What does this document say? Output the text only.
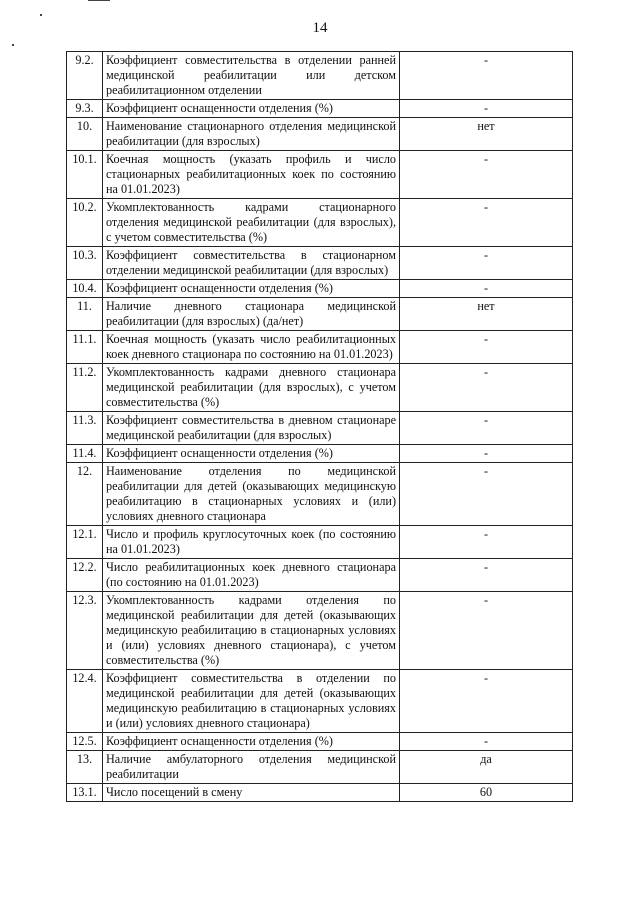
14
9.2.	Коэффициент совместительства в отделении ранней медицинской реабилитации или детском реабилитационном отделении	-
9.3.	Коэффициент оснащенности отделения (%)	-
10.	Наименование стационарного отделения медицинской реабилитации (для взрослых)	нет
10.1.	Коечная мощность (указать профиль и число стационарных реабилитационных коек по состоянию на 01.01.2023)	-
10.2.	Укомплектованность кадрами стационарного отделения медицинской реабилитации (для взрослых), с учетом совместительства (%)	-
10.3.	Коэффициент совместительства в стационарном отделении медицинской реабилитации (для взрослых)	-
10.4.	Коэффициент оснащенности отделения (%)	-
11.	Наличие дневного стационара медицинской реабилитации (для взрослых) (да/нет)	нет
11.1.	Коечная мощность (указать число реабилитационных коек дневного стационара по состоянию на 01.01.2023)	-
11.2.	Укомплектованность кадрами дневного стационара медицинской реабилитации (для взрослых), с учетом совместительства (%)	-
11.3.	Коэффициент совместительства в дневном стационаре медицинской реабилитации (для взрослых)	-
11.4.	Коэффициент оснащенности отделения (%)	-
12.	Наименование отделения по медицинской реабилитации для детей (оказывающих медицинскую реабилитацию в стационарных условиях и (или) условиях дневного стационара	-
12.1.	Число и профиль круглосуточных коек (по состоянию на 01.01.2023)	-
12.2.	Число реабилитационных коек дневного стационара (по состоянию на 01.01.2023)	-
12.3.	Укомплектованность кадрами отделения по медицинской реабилитации для детей (оказывающих медицинскую реабилитацию в стационарных условиях и (или) условиях дневного стационара), с учетом совместительства (%)	-
12.4.	Коэффициент совместительства в отделении по медицинской реабилитации для детей (оказывающих медицинскую реабилитацию в стационарных условиях и (или) условиях дневного стационара)	-
12.5.	Коэффициент оснащенности отделения (%)	-
13.	Наличие амбулаторного отделения медицинской реабилитации	да
13.1.	Число посещений в смену	60
